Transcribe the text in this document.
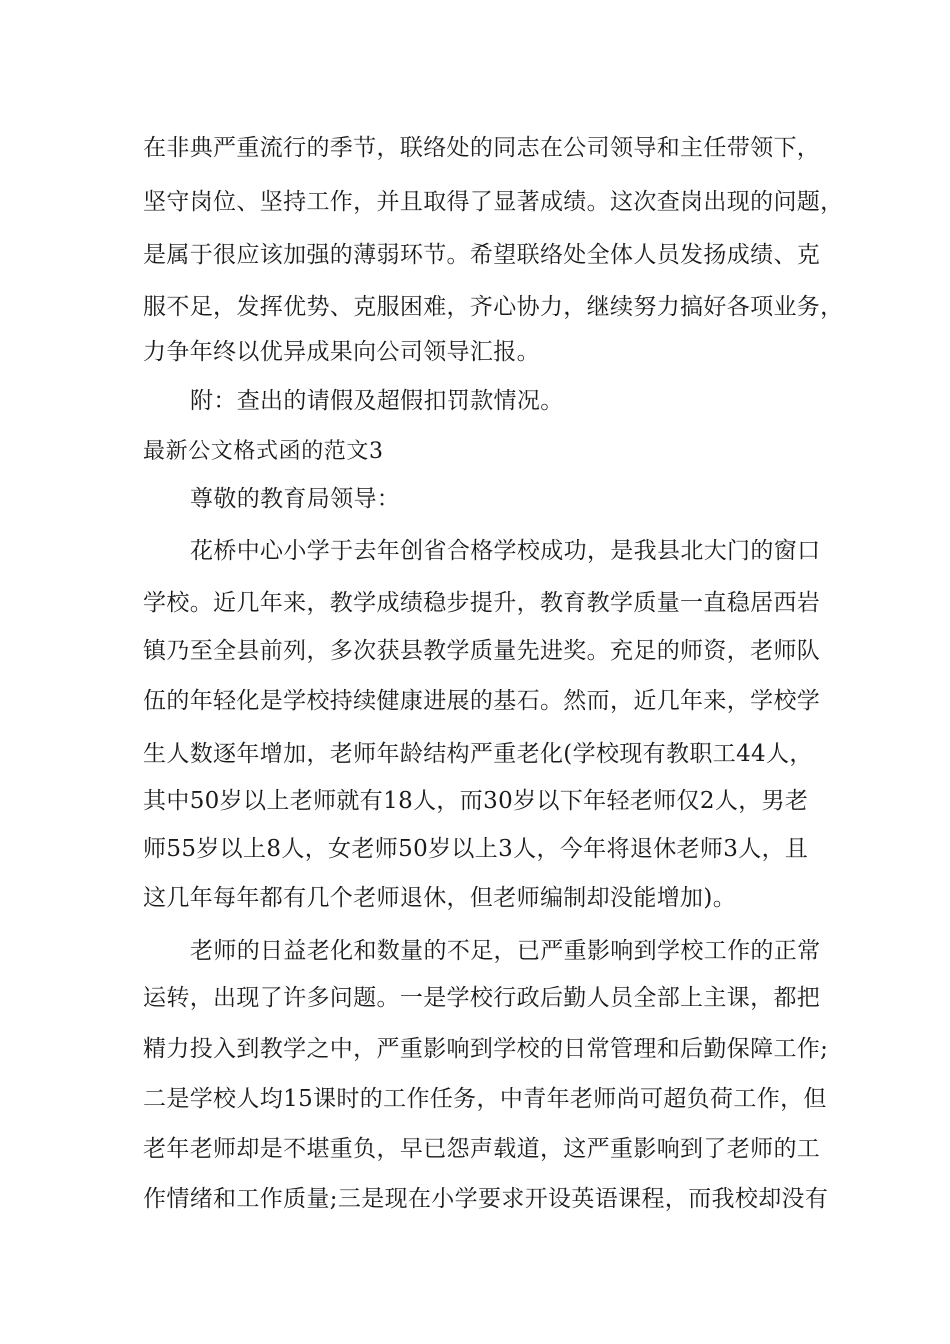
在非典严重流行的季节，联络处的同志在公司领导和主任带领下，
坚守岗位、坚持工作，并且取得了显著成绩。这次查岗出现的问题，
是属于很应该加强的薄弱环节。希望联络处全体人员发扬成绩、克
服不足，发挥优势、克服困难，齐心协力，继续努力搞好各项业务，
力争年终以优异成果向公司领导汇报。
附：查出的请假及超假扣罚款情况。
最新公文格式函的范文3
尊敬的教育局领导：
花桥中心小学于去年创省合格学校成功，是我县北大门的窗口
学校。近几年来，教学成绩稳步提升，教育教学质量一直稳居西岩
镇乃至全县前列，多次获县教学质量先进奖。充足的师资，老师队
伍的年轻化是学校持续健康进展的基石。然而，近几年来，学校学
生人数逐年增加，老师年龄结构严重老化(学校现有教职工44人，
其中50岁以上老师就有18人，而30岁以下年轻老师仅2人，男老
师55岁以上8人，女老师50岁以上3人，今年将退休老师3人，且
这几年每年都有几个老师退休，但老师编制却没能增加)。
老师的日益老化和数量的不足，已严重影响到学校工作的正常
运转，出现了许多问题。一是学校行政后勤人员全部上主课，都把
精力投入到教学之中，严重影响到学校的日常管理和后勤保障工作;
二是学校人均15课时的工作任务，中青年老师尚可超负荷工作，但
老年老师却是不堪重负，早已怨声载道，这严重影响到了老师的工
作情绪和工作质量;三是现在小学要求开设英语课程，而我校却没有
